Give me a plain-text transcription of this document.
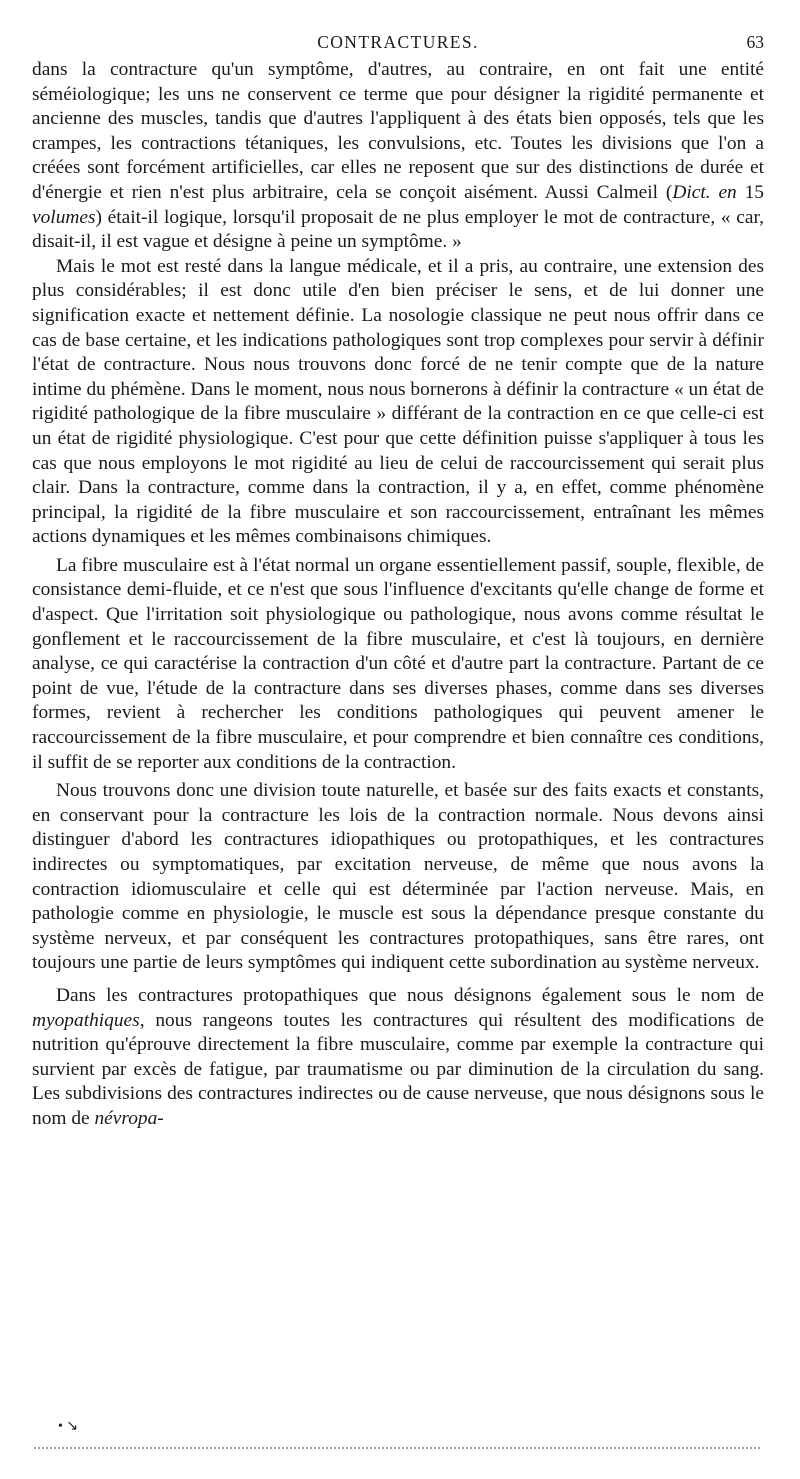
CONTRACTURES.	63

dans la contracture qu'un symptôme, d'autres, au contraire, en ont fait une entité séméiologique; les uns ne conservent ce terme que pour désigner la rigidité permanente et ancienne des muscles, tandis que d'autres l'appliquent à des états bien opposés, tels que les crampes, les contractions tétaniques, les convulsions, etc. Toutes les divisions que l'on a créées sont forcément artificielles, car elles ne reposent que sur des distinctions de durée et d'énergie et rien n'est plus arbitraire, cela se conçoit aisément. Aussi Calmeil (Dict. en 15 volumes) était-il logique, lorsqu'il proposait de ne plus employer le mot de contracture, « car, disait-il, il est vague et désigne à peine un symptôme. »

Mais le mot est resté dans la langue médicale, et il a pris, au contraire, une extension des plus considérables; il est donc utile d'en bien préciser le sens, et de lui donner une signification exacte et nettement définie. La nosologie classique ne peut nous offrir dans ce cas de base certaine, et les indications pathologiques sont trop complexes pour servir à définir l'état de contracture. Nous nous trouvons donc forcé de ne tenir compte que de la nature intime du phémène. Dans le moment, nous nous bornerons à définir la contracture « un état de rigidité pathologique de la fibre musculaire » différant de la contraction en ce que celle-ci est un état de rigidité physiologique. C'est pour que cette définition puisse s'appliquer à tous les cas que nous employons le mot rigidité au lieu de celui de raccourcissement qui serait plus clair. Dans la contracture, comme dans la contraction, il y a, en effet, comme phénomène principal, la rigidité de la fibre musculaire et son raccourcissement, entraînant les mêmes actions dynamiques et les mêmes combinaisons chimiques.

La fibre musculaire est à l'état normal un organe essentiellement passif, souple, flexible, de consistance demi-fluide, et ce n'est que sous l'influence d'excitants qu'elle change de forme et d'aspect. Que l'irritation soit physiologique ou pathologique, nous avons comme résultat le gonflement et le raccourcissement de la fibre musculaire, et c'est là toujours, en dernière analyse, ce qui caractérise la contraction d'un côté et d'autre part la contracture. Partant de ce point de vue, l'étude de la contracture dans ses diverses phases, comme dans ses diverses formes, revient à rechercher les conditions pathologiques qui peuvent amener le raccourcissement de la fibre musculaire, et pour comprendre et bien connaître ces conditions, il suffit de se reporter aux conditions de la contraction.

Nous trouvons donc une division toute naturelle, et basée sur des faits exacts et constants, en conservant pour la contracture les lois de la contraction normale. Nous devons ainsi distinguer d'abord les contractures idiopathiques ou protopathiques, et les contractures indirectes ou symptomatiques, par excitation nerveuse, de même que nous avons la contraction idiomusculaire et celle qui est déterminée par l'action nerveuse. Mais, en pathologie comme en physiologie, le muscle est sous la dépendance presque constante du système nerveux, et par conséquent les contractures protopathiques, sans être rares, ont toujours une partie de leurs symptômes qui indiquent cette subordination au système nerveux.

Dans les contractures protopathiques que nous désignons également sous le nom de myopathiques, nous rangeons toutes les contractures qui résultent des modifications de nutrition qu'éprouve directement la fibre musculaire, comme par exemple la contracture qui survient par excès de fatigue, par traumatisme ou par diminution de la circulation du sang. Les subdivisions des contractures indirectes ou de cause nerveuse, que nous désignons sous le nom de névropa-

• ↘
